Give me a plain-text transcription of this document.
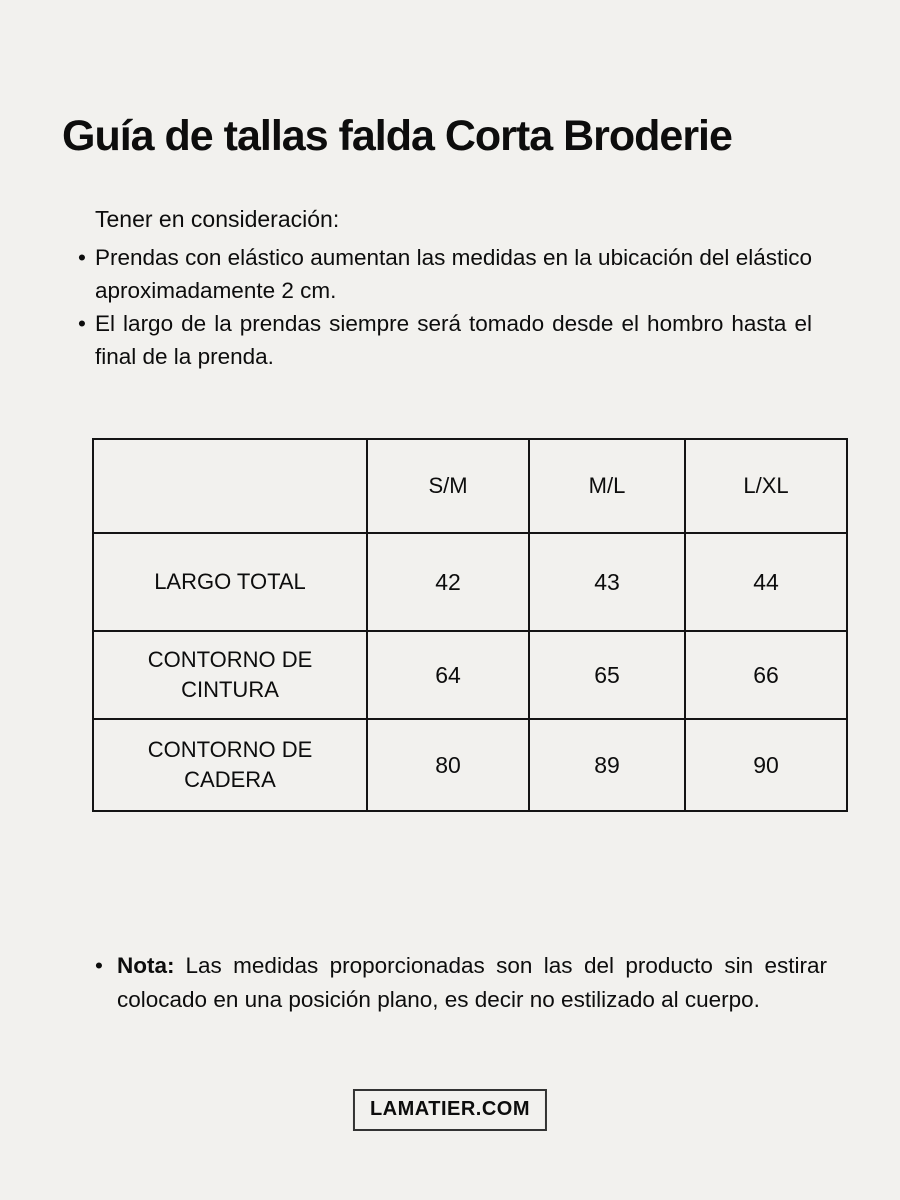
Guía de tallas falda Corta Broderie

Tener en consideración:

• Prendas con elástico aumentan las medidas en la ubicación del elástico aproximadamente 2 cm.
• El largo de la prendas siempre será tomado desde el hombro hasta el final de la prenda.
	S/M	M/L	L/XL
LARGO TOTAL	42	43	44
CONTORNO DE CINTURA	64	65	66
CONTORNO DE CADERA	80	89	90

• Nota: Las medidas proporcionadas son las del producto sin estirar colocado en una posición plano, es decir no estilizado al cuerpo.

LAMATIER.COM
